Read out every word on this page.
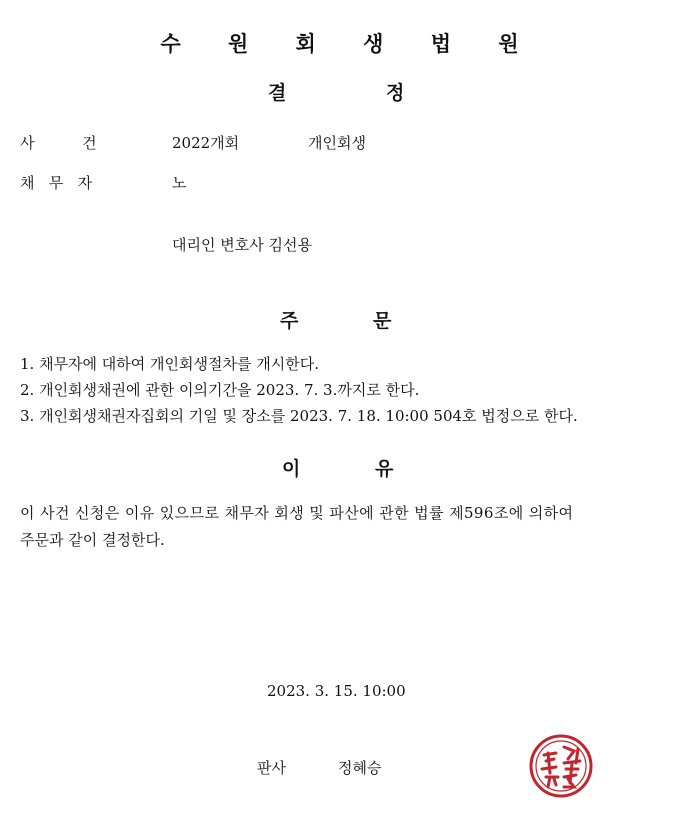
수 원 회 생 법 원
결	정
사          건	2022개회	개인회생
채   무   자	노
대리인 변호사 김선용
주	문
1. 채무자에 대하여 개인회생절차를 개시한다.
2. 개인회생채권에 관한 이의기간을 2023. 7. 3.까지로 한다.
3. 개인회생채권자집회의 기일 및 장소를 2023. 7. 18. 10:00 504호 법정으로 한다.
이	유
이 사건 신청은 이유 있으므로 채무자 회생 및 파산에 관한 법률 제596조에 의하여
주문과 같이 결정한다.
2023. 3. 15. 10:00
판사	정혜승
